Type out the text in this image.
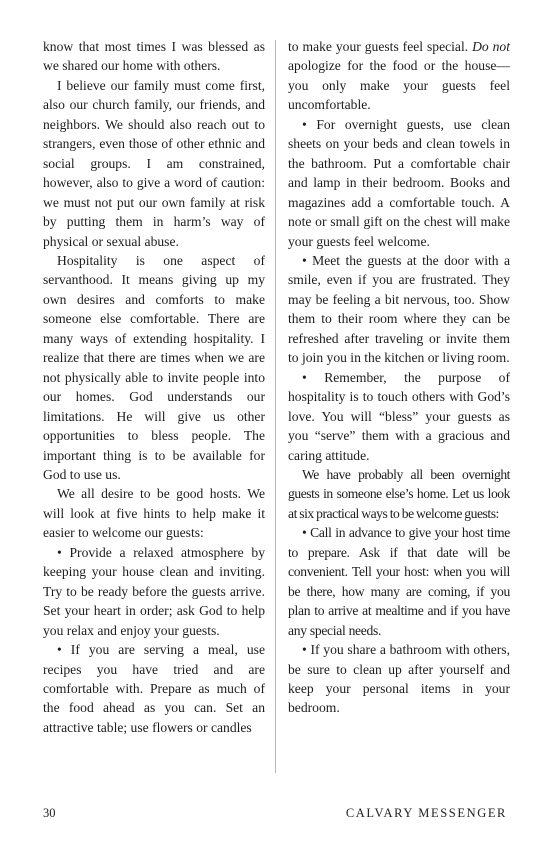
know that most times I was blessed as we shared our home with others.

I believe our family must come first, also our church family, our friends, and neighbors. We should also reach out to strangers, even those of other ethnic and social groups. I am constrained, however, also to give a word of caution: we must not put our own family at risk by putting them in harm’s way of physical or sexual abuse.

Hospitality is one aspect of servanthood. It means giving up my own desires and comforts to make someone else comfortable. There are many ways of extending hospitality. I realize that there are times when we are not physically able to invite people into our homes. God understands our limitations. He will give us other opportunities to bless people. The important thing is to be available for God to use us.

We all desire to be good hosts. We will look at five hints to help make it easier to welcome our guests:

• Provide a relaxed atmosphere by keeping your house clean and inviting. Try to be ready before the guests arrive. Set your heart in order; ask God to help you relax and enjoy your guests.

• If you are serving a meal, use recipes you have tried and are comfortable with. Prepare as much of the food ahead as you can. Set an attractive table; use flowers or candles

to make your guests feel special. Do not apologize for the food or the house—you only make your guests feel uncomfortable.

• For overnight guests, use clean sheets on your beds and clean towels in the bathroom. Put a comfortable chair and lamp in their bedroom. Books and magazines add a comfortable touch. A note or small gift on the chest will make your guests feel welcome.

• Meet the guests at the door with a smile, even if you are frustrated. They may be feeling a bit nervous, too. Show them to their room where they can be refreshed after traveling or invite them to join you in the kitchen or living room.

• Remember, the purpose of hospitality is to touch others with God’s love. You will “bless” your guests as you “serve” them with a gracious and caring attitude.

We have probably all been overnight guests in someone else’s home. Let us look at six practical ways to be welcome guests:

• Call in advance to give your host time to prepare. Ask if that date will be convenient. Tell your host: when you will be there, how many are coming, if you plan to arrive at mealtime and if you have any special needs.

• If you share a bathroom with others, be sure to clean up after yourself and keep your personal items in your bedroom.

30	CALVARY MESSENGER
